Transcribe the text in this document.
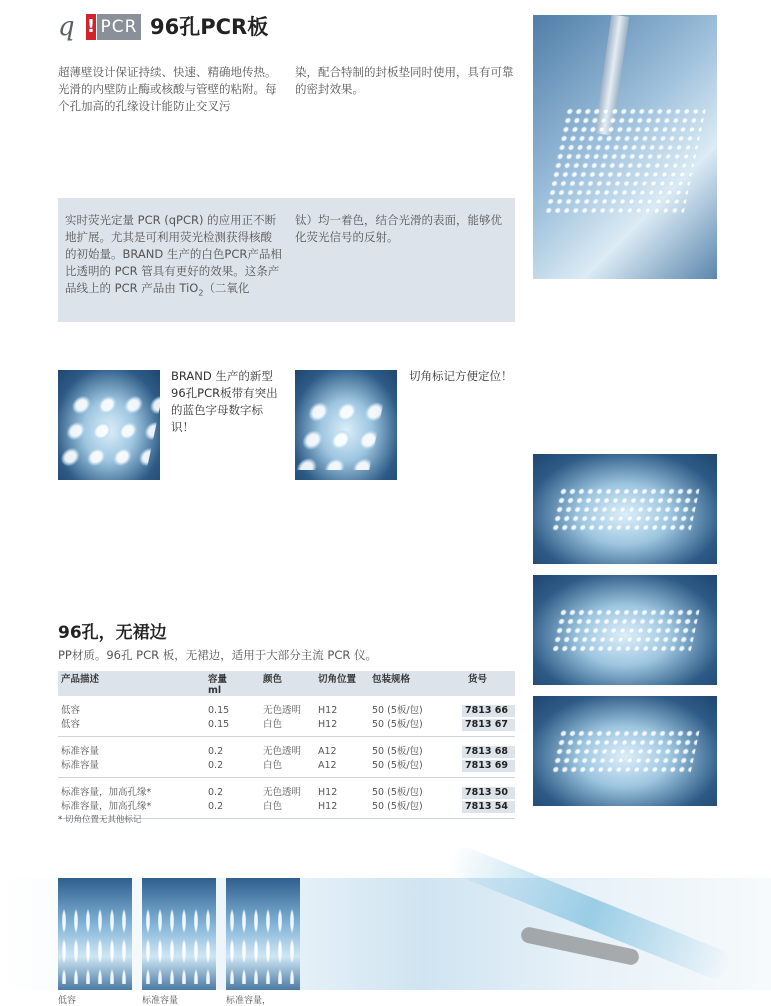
q ! PCR 96孔PCR板
超薄壁设计保证持续、快速、精确地传热。光滑的内壁防止酶或核酸与管壁的粘附。每个孔加高的孔缘设计能防止交叉污
染，配合特制的封板垫同时使用，具有可靠的密封效果。
实时荧光定量 PCR (qPCR) 的应用正不断地扩展。尤其是可利用荧光检测获得核酸的初始量。BRAND 生产的白色PCR产品相比透明的 PCR 管具有更好的效果。这条产品线上的 PCR 产品由 TiO$_2$（二氧化
钛）均一着色，结合光滑的表面，能够优化荧光信号的反射。
BRAND 生产的新型96孔PCR板带有突出的蓝色字母数字标识！
切角标记方便定位！
96孔，无裙边
PP材质。96孔 PCR 板，无裙边，适用于大部分主流 PCR 仪。
产品描述	容量
ml
颜色	切角位置 包装规格	货号
低容	0.15	无色透明 H12	50 (5板/包)	7813 66
低容	0.15	白色	H12	50 (5板/包)	7813 67
标准容量	0.2	无色透明 A12	50 (5板/包)	7813 68
标准容量	0.2	白色	A12	50 (5板/包)	7813 69
标准容量，加高孔缘*	0.2	无色透明 H12	50 (5板/包)	7813 50
标准容量，加高孔缘*	0.2	白色	H12	50 (5板/包)	7813 54
* 切角位置无其他标记
低容	标准容量	标准容量，
